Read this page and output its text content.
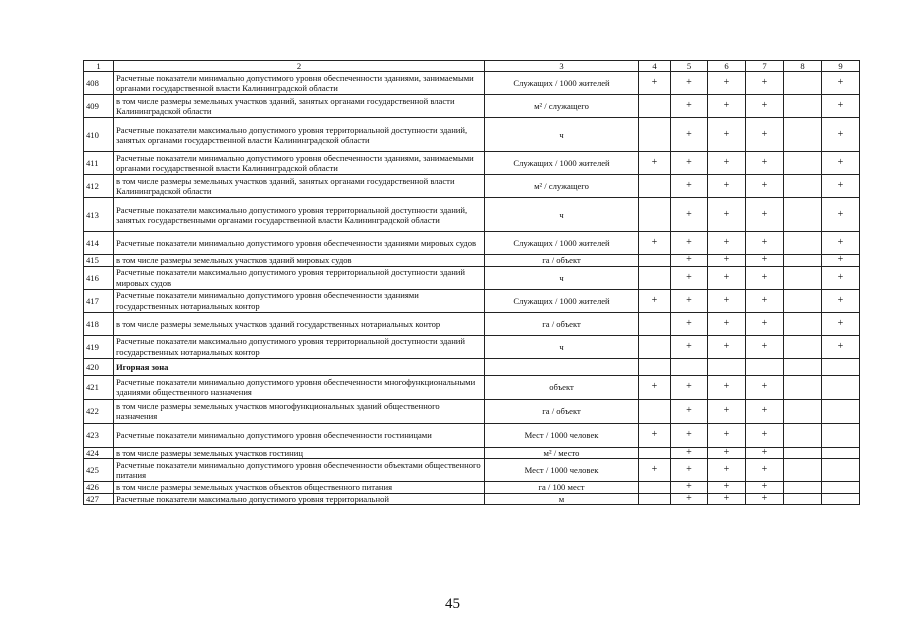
1	2	3	4	5	6	7	8	9
408	Расчетные показатели минимально допустимого уровня обеспеченности зданиями, занимаемыми органами государственной власти Калининградской области	Служащих / 1000 жителей	+	+	+	+		+
409	в том числе размеры земельных участков зданий, занятых органами государственной власти Калининградской области	м² / служащего		+	+	+		+
410	Расчетные показатели максимально допустимого уровня территориальной доступности зданий, занятых органами государственной власти Калининградской области	ч		+	+	+		+
411	Расчетные показатели минимально допустимого уровня обеспеченности зданиями, занимаемыми органами государственной власти Калининградской области	Служащих / 1000 жителей	+	+	+	+		+
412	в том числе размеры земельных участков зданий, занятых органами государственной власти Калининградской области	м² / служащего		+	+	+		+
413	Расчетные показатели максимально допустимого уровня территориальной доступности зданий, занятых государственными органами государственной власти Калининградской области	ч		+	+	+		+
414	Расчетные показатели минимально допустимого уровня обеспеченности зданиями мировых судов	Служащих / 1000 жителей	+	+	+	+		+
415	в том числе размеры земельных участков зданий мировых судов	га / объект		+	+	+		+
416	Расчетные показатели максимально допустимого уровня территориальной доступности зданий мировых судов	ч		+	+	+		+
417	Расчетные показатели минимально допустимого уровня обеспеченности зданиями государственных нотариальных контор	Служащих / 1000 жителей	+	+	+	+		+
418	в том числе размеры земельных участков зданий государственных нотариальных контор	га / объект		+	+	+		+
419	Расчетные показатели максимально допустимого уровня территориальной доступности зданий государственных нотариальных контор	ч		+	+	+		+
420	Игорная зона							
421	Расчетные показатели минимально допустимого уровня обеспеченности многофункциональными зданиями общественного назначения	объект	+	+	+	+		
422	в том числе размеры земельных участков многофункциональных зданий общественного назначения	га / объект		+	+	+		
423	Расчетные показатели минимально допустимого уровня обеспеченности гостиницами	Мест / 1000 человек	+	+	+	+		
424	в том числе размеры земельных участков гостиниц	м² / место		+	+	+		
425	Расчетные показатели минимально допустимого уровня обеспеченности объектами общественного питания	Мест / 1000 человек	+	+	+	+		
426	в том числе размеры земельных участков объектов общественного питания	га / 100 мест		+	+	+		
427	Расчетные показатели максимально допустимого уровня территориальной	м		+	+	+		
45
